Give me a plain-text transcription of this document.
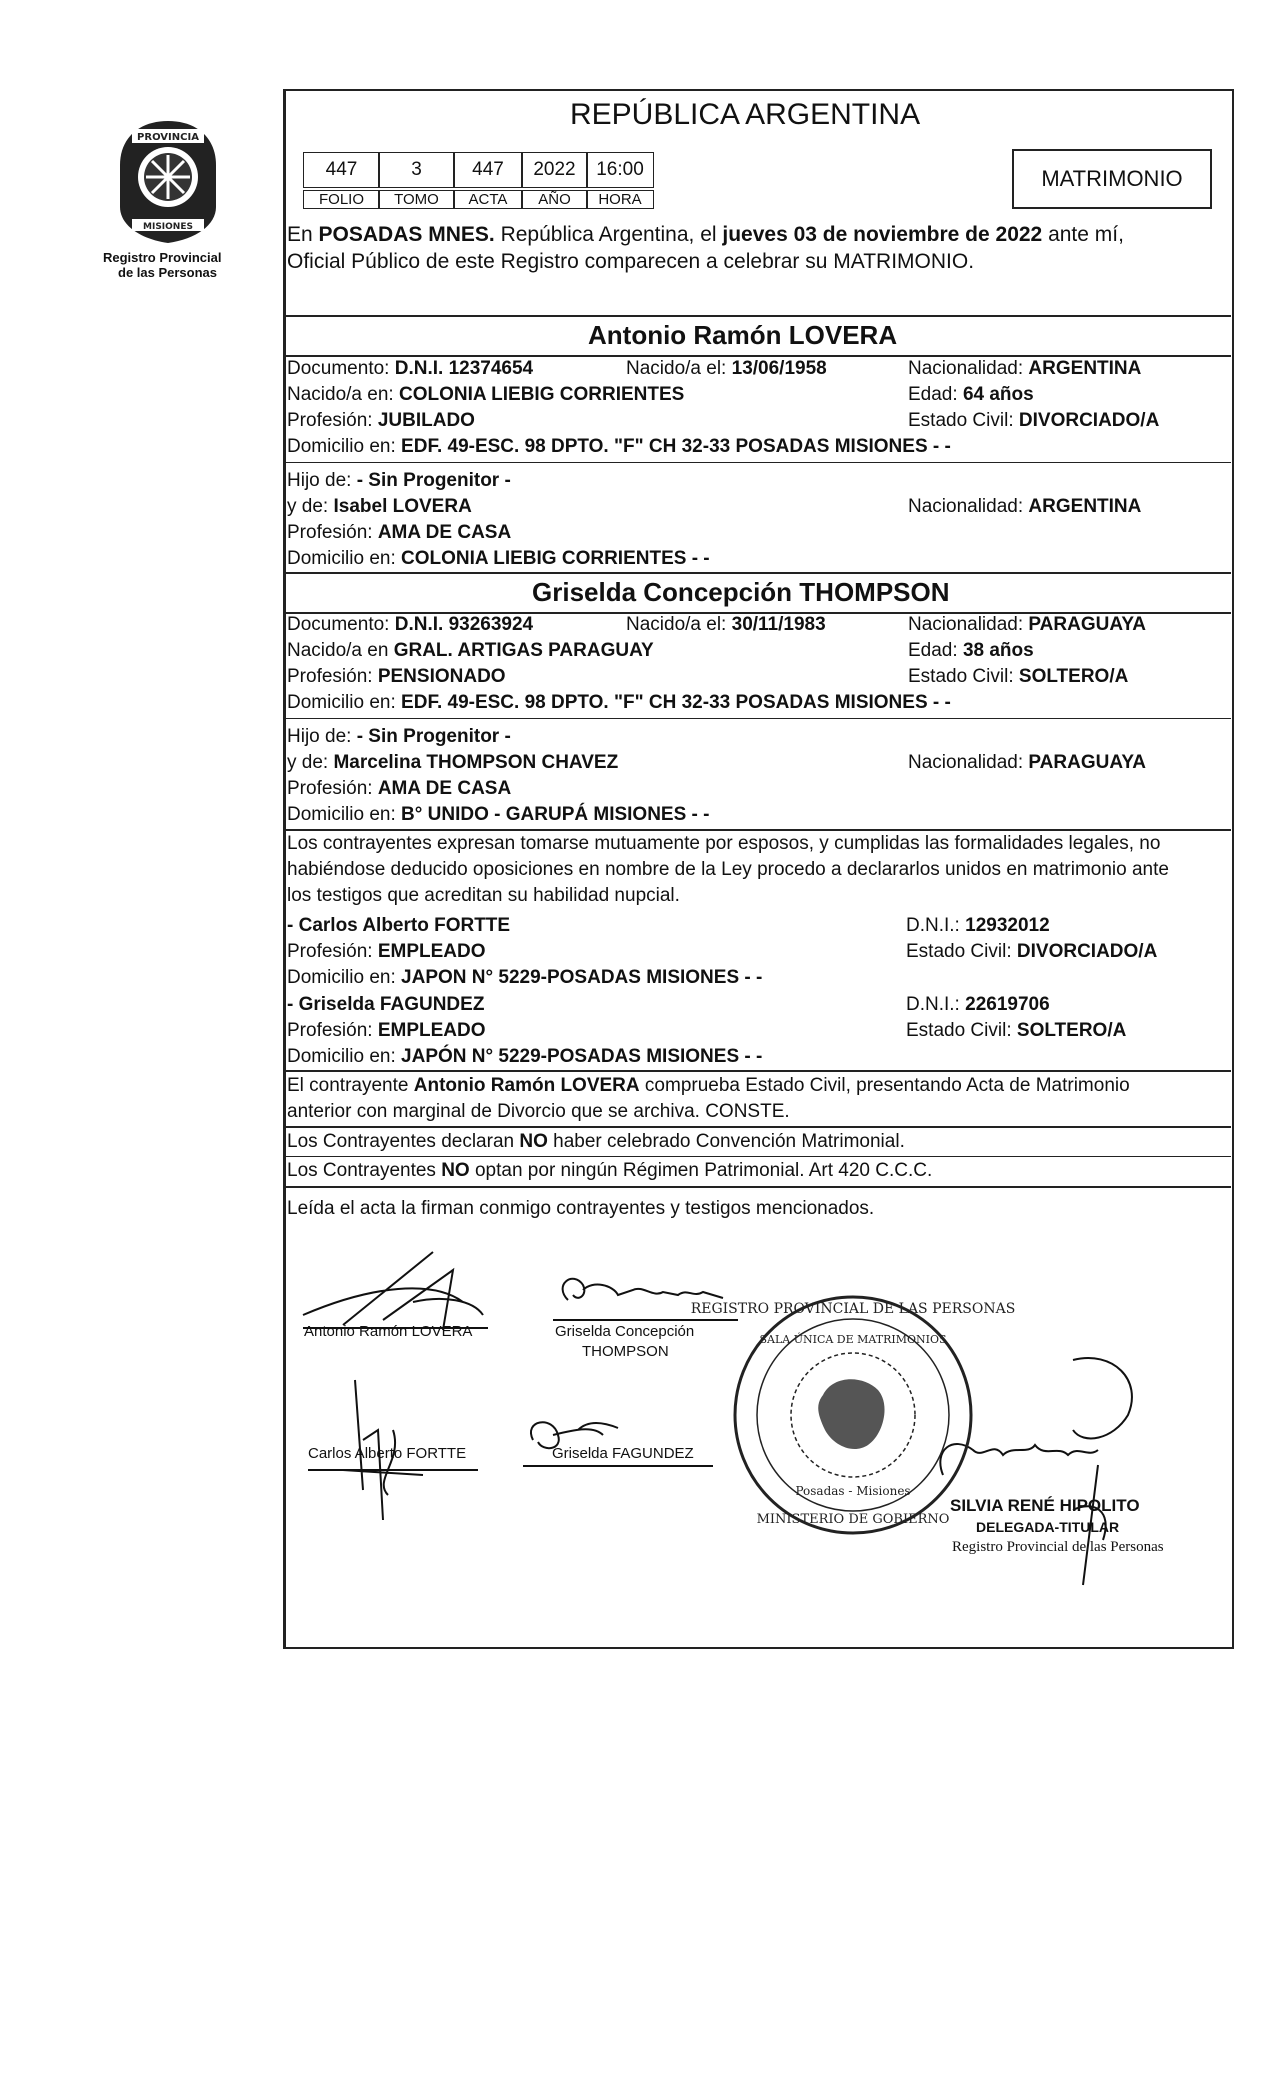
PROVINCIA
MISIONES
Registro Provincial
de las Personas
REPÚBLICA ARGENTINA
447	3	447	2022	16:00
FOLIO	TOMO	ACTA	AÑO	HORA
MATRIMONIO
En POSADAS MNES. República Argentina, el jueves 03 de noviembre de 2022 ante mí,
Oficial Público de este Registro comparecen a celebrar su MATRIMONIO.
Antonio Ramón LOVERA
Documento: D.N.I. 12374654	Nacido/a el: 13/06/1958	Nacionalidad: ARGENTINA
Nacido/a en: COLONIA LIEBIG CORRIENTES	Edad: 64 años
Profesión: JUBILADO	Estado Civil: DIVORCIADO/A
Domicilio en: EDF. 49-ESC. 98 DPTO. "F" CH 32-33 POSADAS MISIONES - -
Hijo de: - Sin Progenitor -
y de: Isabel LOVERA	Nacionalidad: ARGENTINA
Profesión: AMA DE CASA
Domicilio en: COLONIA LIEBIG CORRIENTES - -
Griselda Concepción THOMPSON
Documento: D.N.I. 93263924	Nacido/a el: 30/11/1983	Nacionalidad: PARAGUAYA
Nacido/a en GRAL. ARTIGAS PARAGUAY	Edad: 38 años
Profesión: PENSIONADO	Estado Civil: SOLTERO/A
Domicilio en: EDF. 49-ESC. 98 DPTO. "F" CH 32-33 POSADAS MISIONES - -
Hijo de: - Sin Progenitor -
y de: Marcelina THOMPSON CHAVEZ	Nacionalidad: PARAGUAYA
Profesión: AMA DE CASA
Domicilio en: B° UNIDO - GARUPÁ MISIONES - -
Los contrayentes expresan tomarse mutuamente por esposos, y cumplidas las formalidades legales, no
habiéndose deducido oposiciones en nombre de la Ley procedo a declararlos unidos en matrimonio ante
los testigos que acreditan su habilidad nupcial.
- Carlos Alberto FORTTE	D.N.I.: 12932012
Profesión: EMPLEADO	Estado Civil: DIVORCIADO/A
Domicilio en: JAPON N° 5229-POSADAS MISIONES - -
- Griselda FAGUNDEZ	D.N.I.: 22619706
Profesión: EMPLEADO	Estado Civil: SOLTERO/A
Domicilio en: JAPÓN N° 5229-POSADAS MISIONES - -
El contrayente Antonio Ramón LOVERA comprueba Estado Civil, presentando Acta de Matrimonio
anterior con marginal de Divorcio que se archiva. CONSTE.
Los Contrayentes declaran NO haber celebrado Convención Matrimonial.
Los Contrayentes NO optan por ningún Régimen Patrimonial. Art 420 C.C.C.
Leída el acta la firman conmigo contrayentes y testigos mencionados.
REGISTRO PROVINCIAL DE LAS PERSONAS
SALA ÚNICA DE MATRIMONIOS
Posadas - Misiones
MINISTERIO DE GOBIERNO
Antonio Ramón LOVERA	Griselda Concepción
THOMPSON
Carlos Alberto FORTTE	Griselda FAGUNDEZ
SILVIA RENÉ HIPOLITO
DELEGADA-TITULAR
Registro Provincial de las Personas
